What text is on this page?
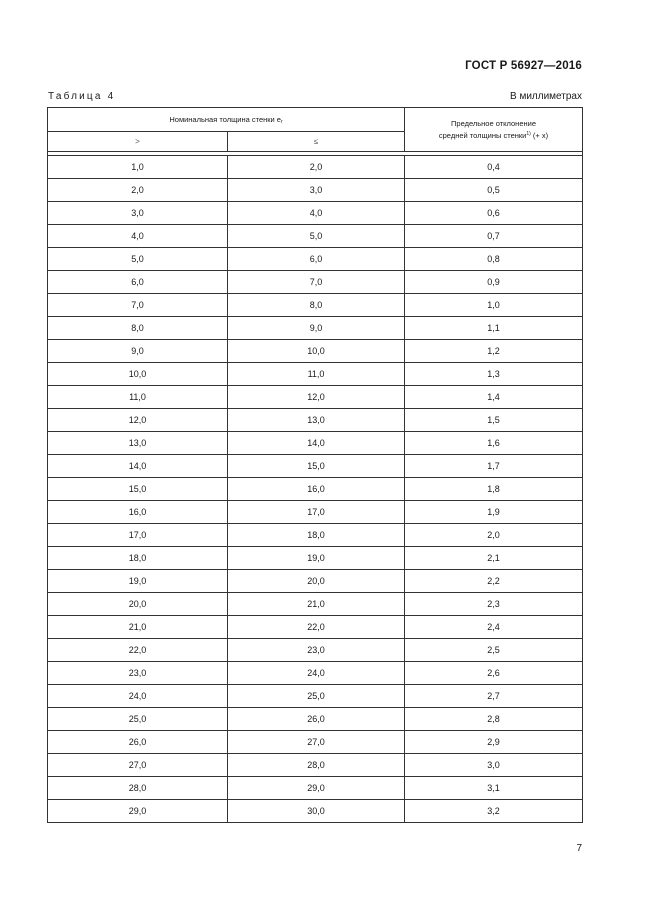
ГОСТ Р 56927—2016
Таблица 4	В миллиметрах
Номинальная толщина стенки $e_r$		Предельное отклонение
средней толщины стенки$^{1)}$ (+ x)
>	≤	

1,0	2,0	0,4
2,0	3,0	0,5
3,0	4,0	0,6
4,0	5,0	0,7
5,0	6,0	0,8
6,0	7,0	0,9
7,0	8,0	1,0
8,0	9,0	1,1
9,0	10,0	1,2
10,0	11,0	1,3
11,0	12,0	1,4
12,0	13,0	1,5
13,0	14,0	1,6
14,0	15,0	1,7
15,0	16,0	1,8
16,0	17,0	1,9
17,0	18,0	2,0
18,0	19,0	2,1
19,0	20,0	2,2
20,0	21,0	2,3
21,0	22,0	2,4
22,0	23,0	2,5
23,0	24,0	2,6
24,0	25,0	2,7
25,0	26,0	2,8
26,0	27,0	2,9
27,0	28,0	3,0
28,0	29,0	3,1
29,0	30,0	3,2
7
